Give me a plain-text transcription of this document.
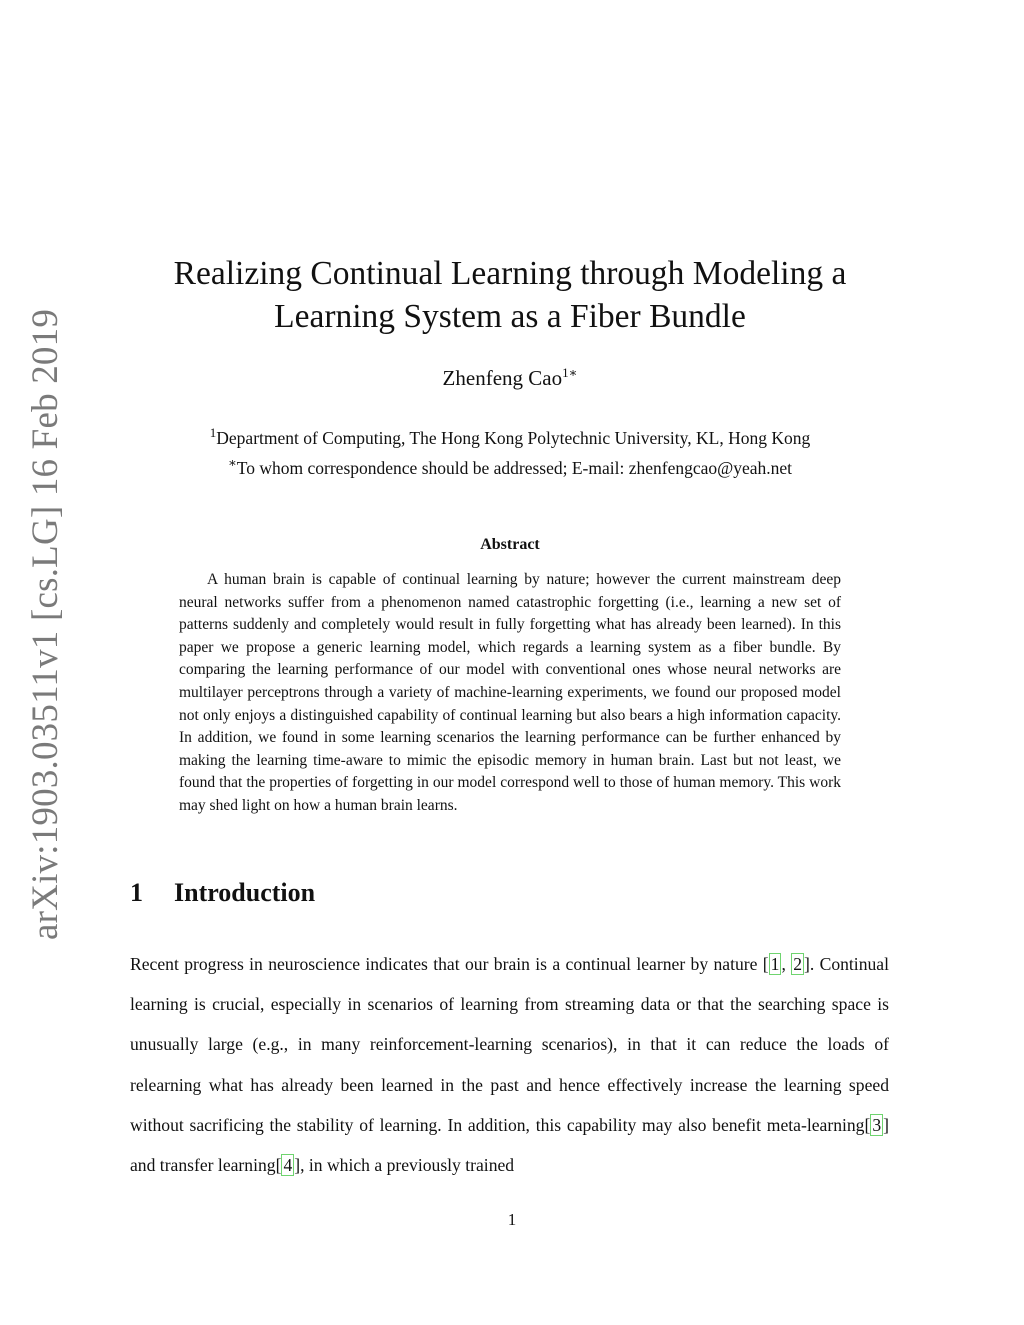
arXiv:1903.03511v1 [cs.LG] 16 Feb 2019
Realizing Continual Learning through Modeling a
Learning System as a Fiber Bundle
Zhenfeng Cao$^{1∗}$
$^1$Department of Computing, The Hong Kong Polytechnic University, KL, Hong Kong
∗To whom correspondence should be addressed; E-mail: zhenfengcao@yeah.net
Abstract
A human brain is capable of continual learning by nature; however the current mainstream deep neural networks suffer from a phenomenon named catastrophic forgetting (i.e., learning a new set of patterns suddenly and completely would result in fully forgetting what has already been learned). In this paper we propose a generic learning model, which regards a learning system as a fiber bundle. By comparing the learning performance of our model with conventional ones whose neural networks are multilayer perceptrons through a variety of machine-learning experiments, we found our proposed model not only enjoys a distinguished capability of continual learning but also bears a high information capacity. In addition, we found in some learning scenarios the learning performance can be further enhanced by making the learning time-aware to mimic the episodic memory in human brain. Last but not least, we found that the properties of forgetting in our model correspond well to those of human memory. This work may shed light on how a human brain learns.
1 Introduction
Recent progress in neuroscience indicates that our brain is a continual learner by nature [ 1 , 2 ]. Continual learning is crucial, especially in scenarios of learning from streaming data or that the searching space is unusually large (e.g., in many reinforcement-learning scenarios), in that it can reduce the loads of relearning what has already been learned in the past and hence effectively increase the learning speed without sacrificing the stability of learning. In addition, this capability may also benefit meta-learning[ 3 ] and transfer learning[ 4 ], in which a previously trained
1
